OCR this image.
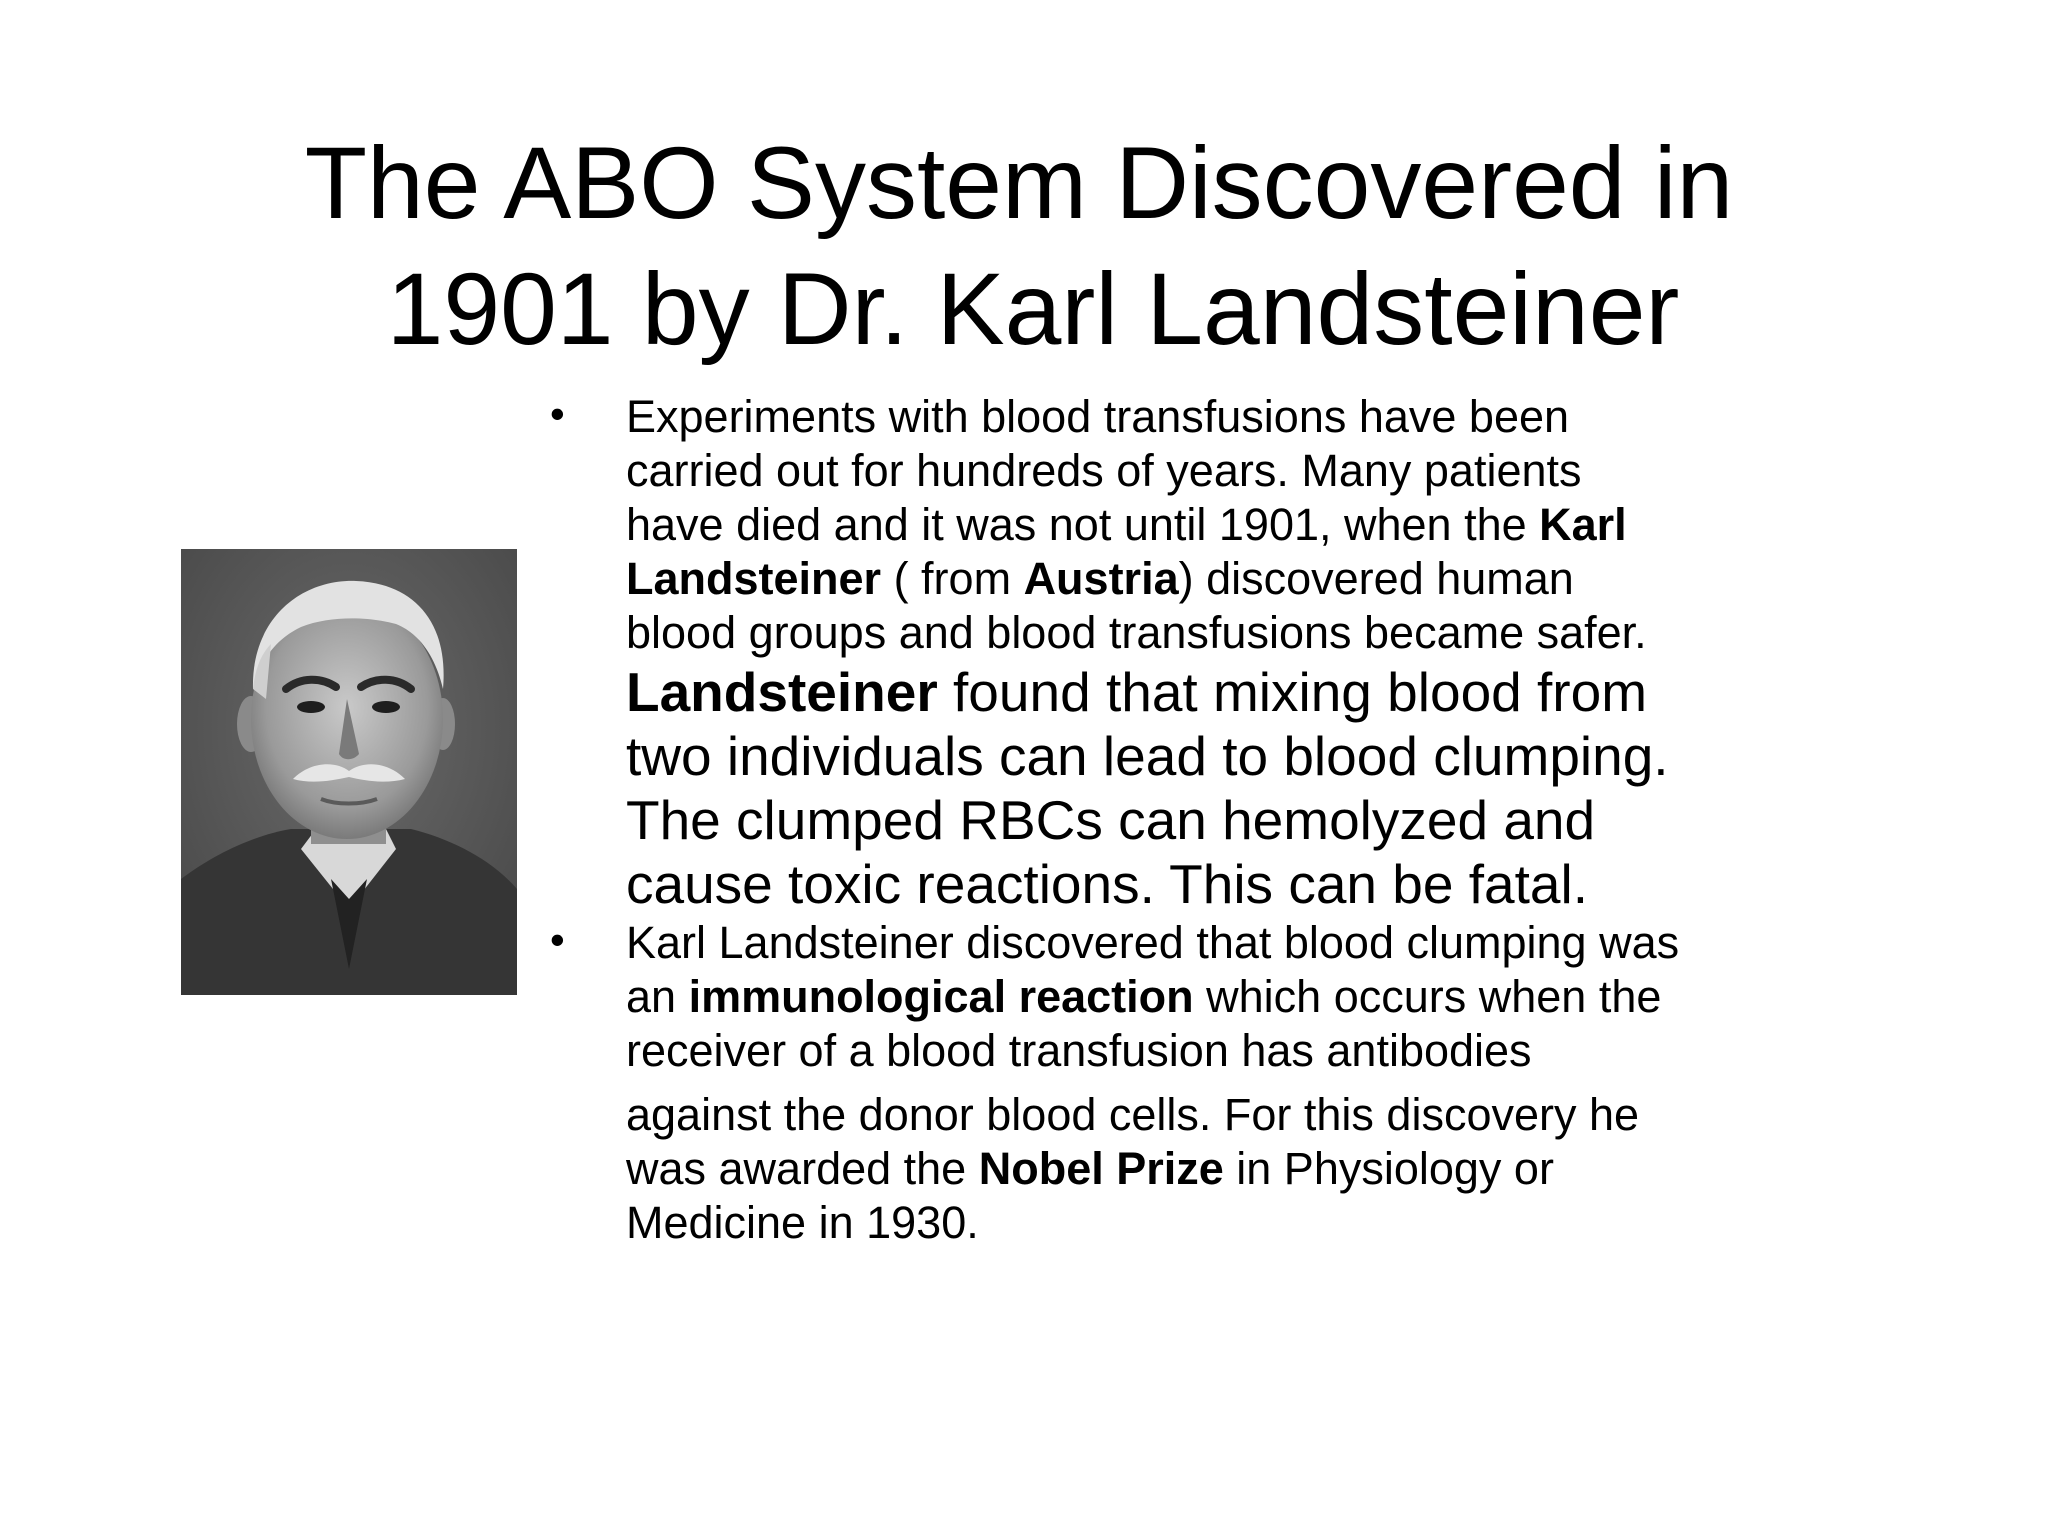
The ABO System Discovered in
1901 by Dr. Karl Landsteiner
• Experiments with blood transfusions have been
carried out for hundreds of years. Many patients
have died and it was not until 1901, when the Karl
Landsteiner ( from Austria) discovered human
blood groups and blood transfusions became safer.
Landsteiner found that mixing blood from
two individuals can lead to blood clumping.
The clumped RBCs can hemolyzed and
cause toxic reactions. This can be fatal.
• Karl Landsteiner discovered that blood clumping was
an immunological reaction which occurs when the
receiver of a blood transfusion has antibodies
against the donor blood cells. For this discovery he
was awarded the Nobel Prize in Physiology or
Medicine in 1930.
